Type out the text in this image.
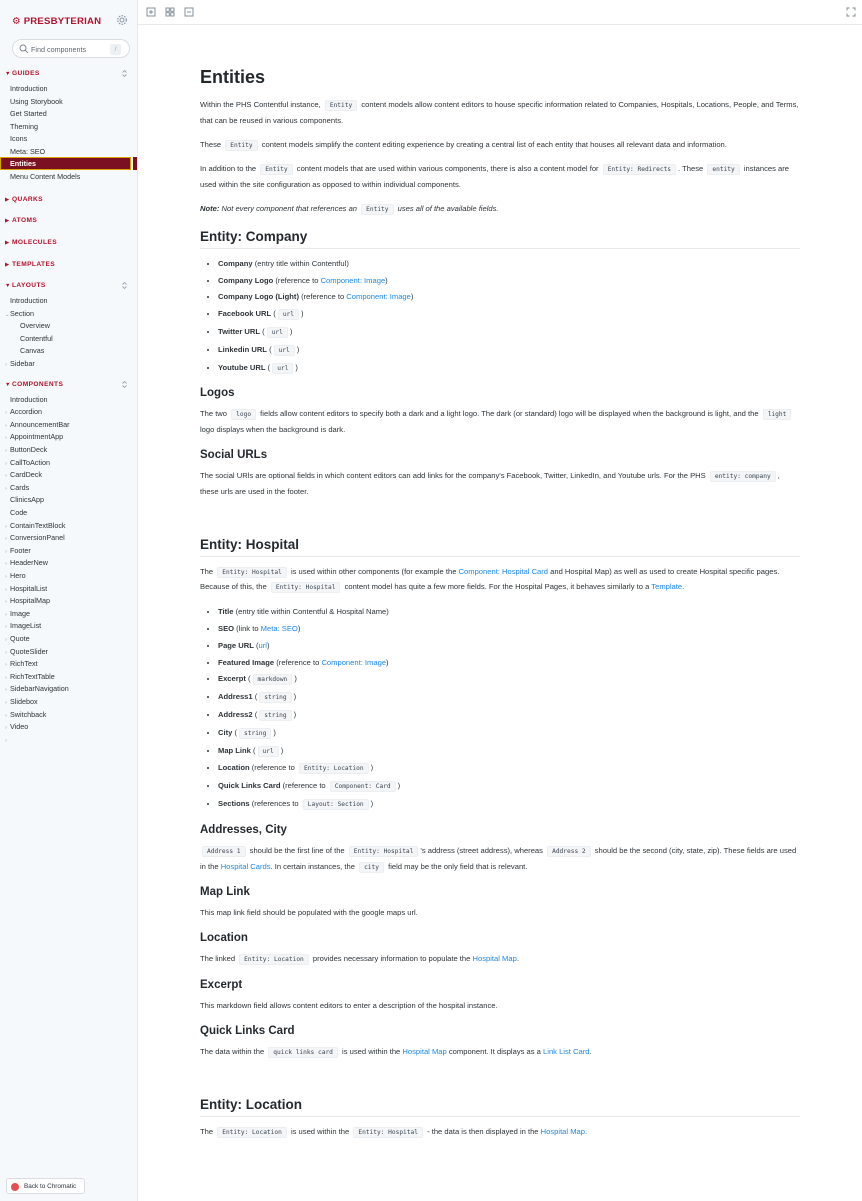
⚙ PRESBYTERIAN
Find components	/
▼GUIDES
Introduction
Using Storybook
Get Started
Theming
Icons
Meta: SEO
Entities
Menu Content Models
▶ QUARKS
▶ ATOMS
▶ MOLECULES
▶ TEMPLATES
▼LAYOUTS
Introduction
⌄Section
Overview
Contentful
Canvas
› Sidebar
▼COMPONENTS
Introduction
› Accordion
› AnnouncementBar
› AppointmentApp
› ButtonDeck
› CallToAction
› CardDeck
› Cards
ClinicsApp
Code
› ContainTextBlock
› ConversionPanel
› Footer
› HeaderNew
› Hero
› HospitalList
› HospitalMap
› Image
› ImageList
› Quote
› QuoteSlider
› RichText
› RichTextTable
› SidebarNavigation
› Slidebox
› Switchback
› Video
›
Back to Chromatic
Entities

Within the PHS Contentful instance, Entity content models allow content editors to house specific information related to Companies, Hospitals, Locations, People, and Terms, that can be reused in various components.

These Entity content models simplify the content editing experience by creating a central list of each entity that houses all relevant data and information.

In addition to the Entity content models that are used within various components, there is also a content model for Entity: Redirects . These entity instances are used within the site configuration as opposed to within individual components.

Note: Not every component that references an Entity uses all of the available fields.

Entity: Company
• Company (entry title within Contentful)
• Company Logo (reference to Component: Image)
• Company Logo (Light) (reference to Component: Image)
• Facebook URL ( url )
• Twitter URL ( url )
• Linkedin URL ( url )
• Youtube URL ( url )
Logos

The two logo fields allow content editors to specify both a dark and a light logo. The dark (or standard) logo will be displayed when the background is light, and the light logo displays when the background is dark.

Social URLs

The social URls are optional fields in which content editors can add links for the company's Facebook, Twitter, LinkedIn, and Youtube urls. For the PHS entity: company , these urls are used in the footer.

Entity: Hospital

The Entity: Hospital is used within other components (for example the Component: Hospital Card and Hospital Map) as well as used to create Hospital specific pages. Because of this, the Entity: Hospital content model has quite a few more fields. For the Hospital Pages, it behaves similarly to a Template.

• Title (entry title within Contentful & Hospital Name)
• SEO (link to Meta: SEO)
• Page URL (url)
• Featured Image (reference to Component: Image)
• Excerpt ( markdown )
• Address1 ( string )
• Address2 ( string )
• City ( string )
• Map Link ( url )
• Location (reference to Entity: Location )
• Quick Links Card (reference to Component: Card )
• Sections (references to Layout: Section )
Addresses, City

Address 1 should be the first line of the Entity: Hospital 's address (street address), whereas Address 2 should be the second (city, state, zip). These fields are used in the Hospital Cards. In certain instances, the city field may be the only field that is relevant.

Map Link

This map link field should be populated with the google maps url.

Location

The linked Entity: Location provides necessary information to populate the Hospital Map.

Excerpt

This markdown field allows content editors to enter a description of the hospital instance.

Quick Links Card

The data within the quick links card is used within the Hospital Map component. It displays as a Link List Card.

Entity: Location

The Entity: Location is used within the Entity: Hospital - the data is then displayed in the Hospital Map.
